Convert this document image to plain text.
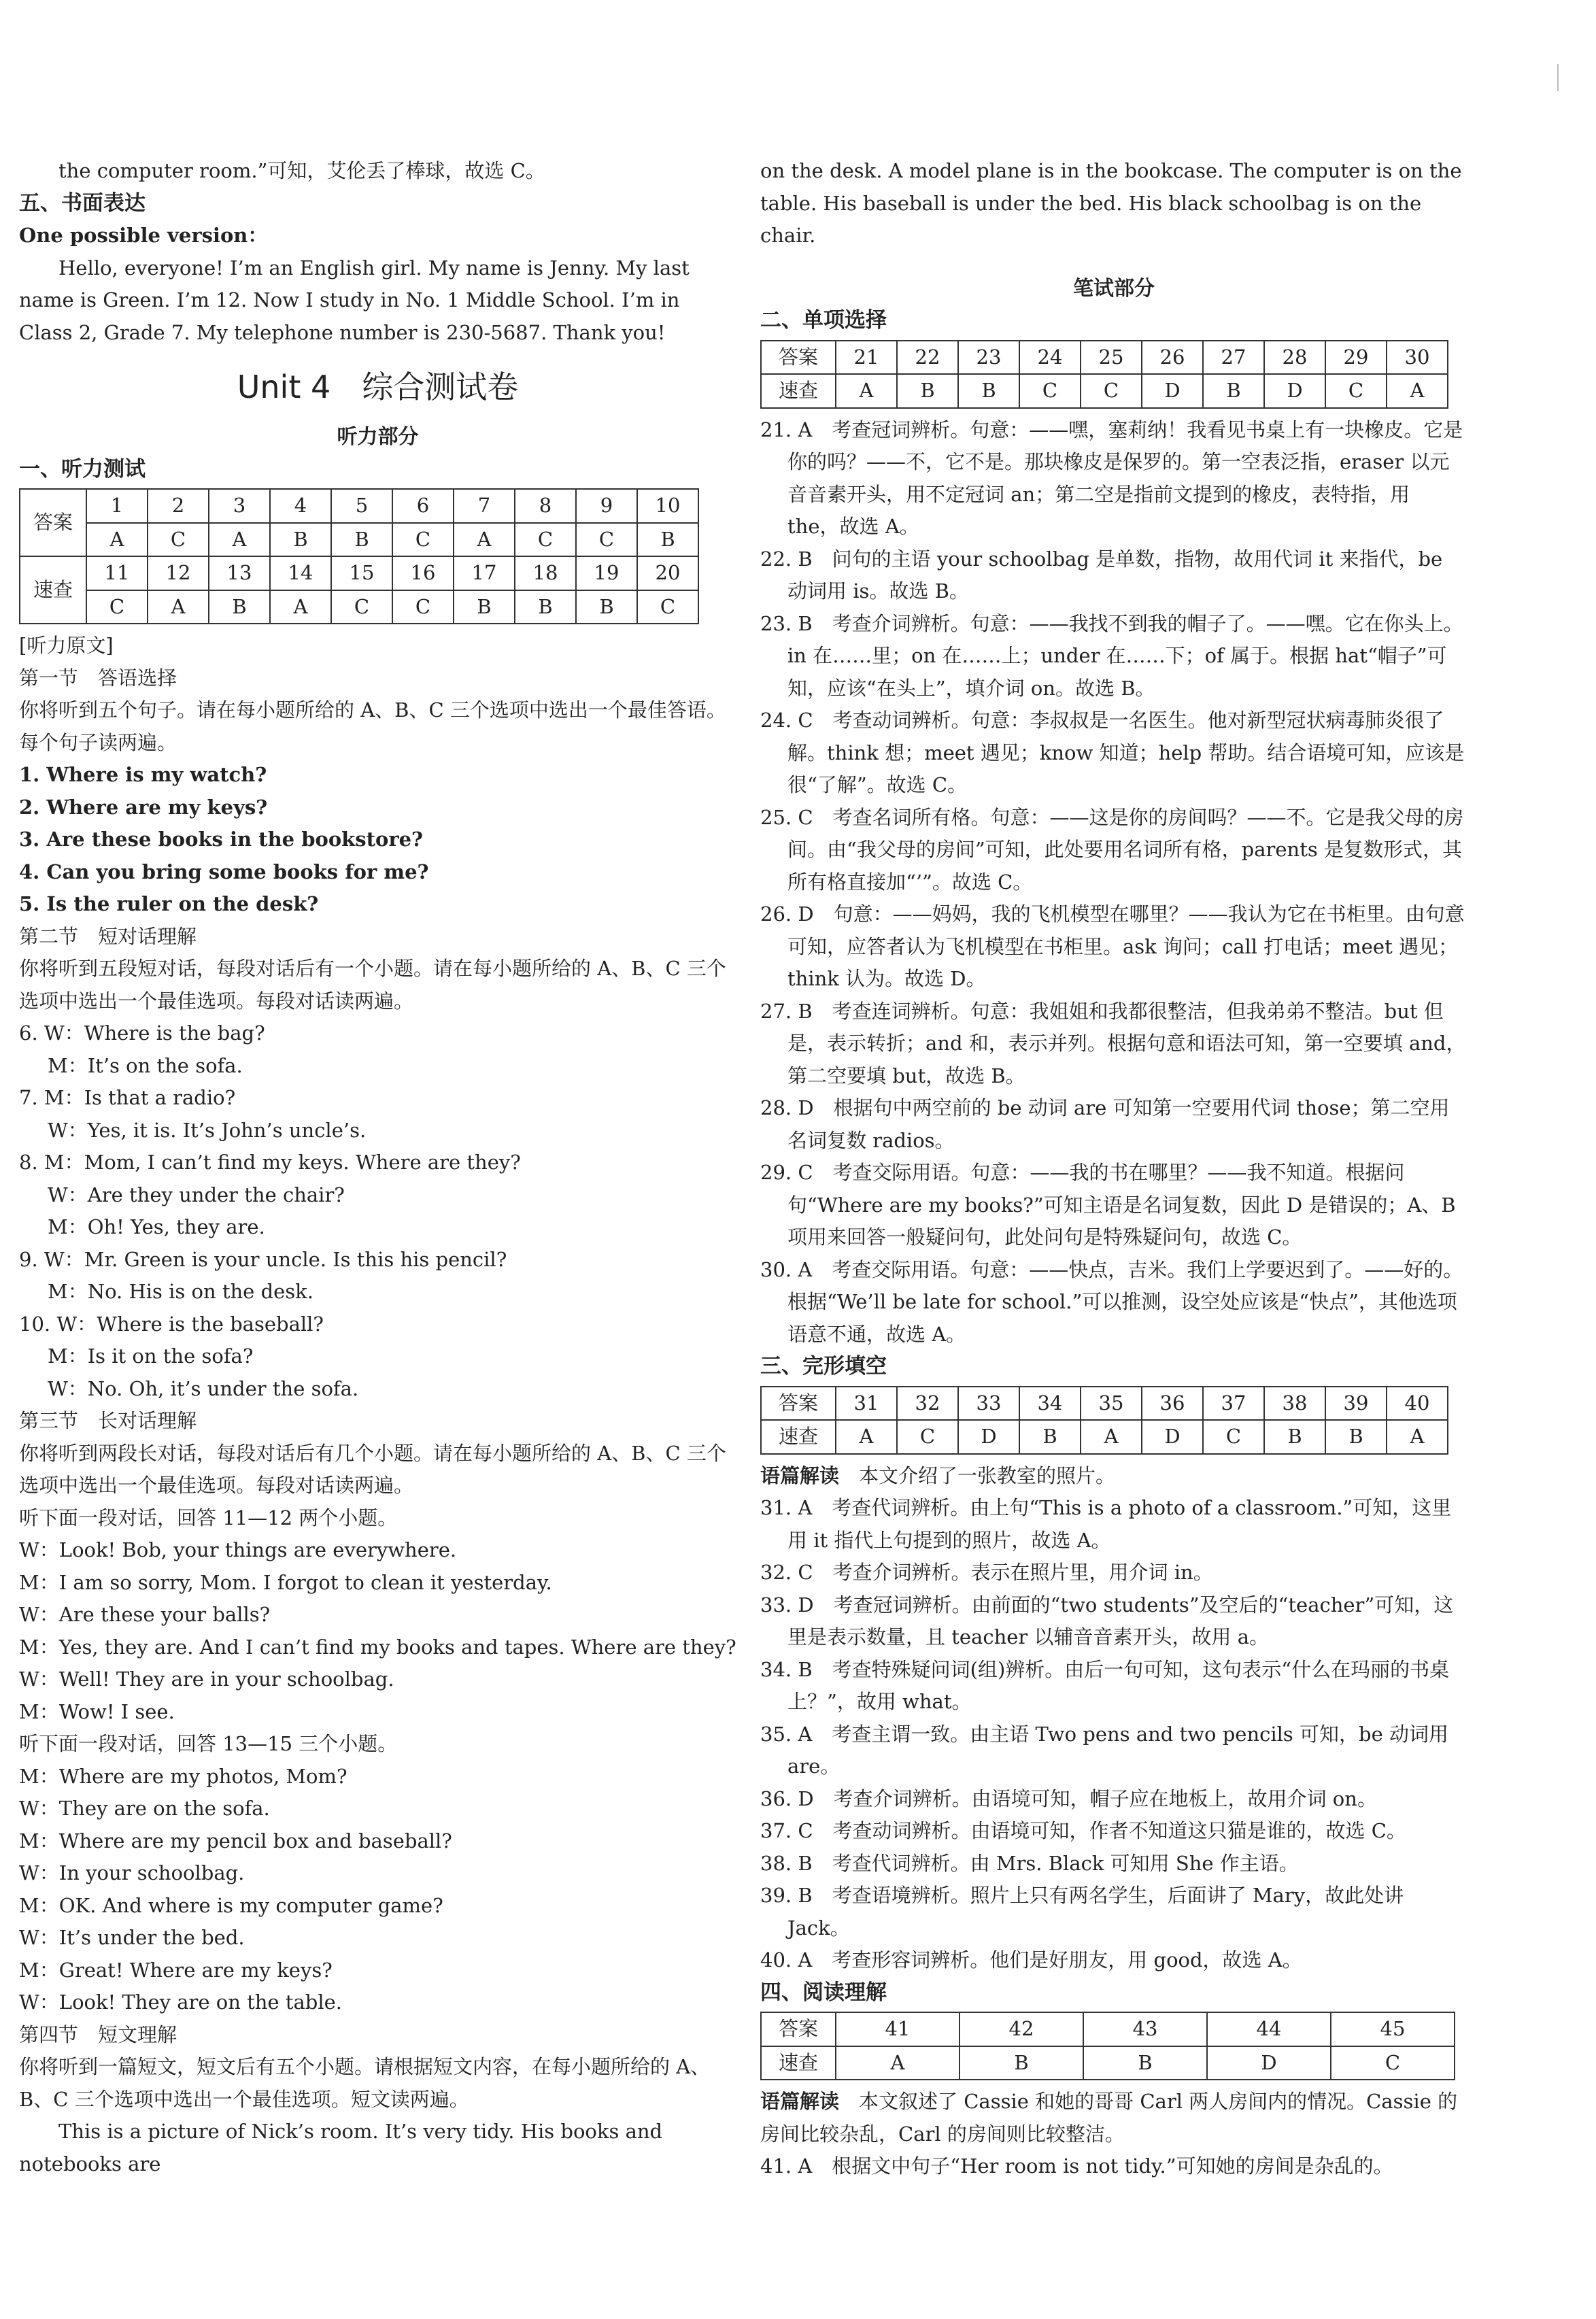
the computer room.”可知，艾伦丢了棒球，故选 C。

五、书面表达

One possible version：

Hello, everyone! I’m an English girl. My name is Jenny. My last name is Green. I’m 12. Now I study in No. 1 Middle School. I’m in Class 2, Grade 7. My telephone number is 230-5687. Thank you!

Unit 4　综合测试卷

听力部分

一、听力测试

答案	1	2	3	4	5	6	7	8	9	10
	A	C	A	B	B	C	A	C	C	B
速查	11	12	13	14	15	16	17	18	19	20
	C	A	B	A	C	C	B	B	B	C

[听力原文]

第一节　答语选择

你将听到五个句子。请在每小题所给的 A、B、C 三个选项中选出一个最佳答语。每个句子读两遍。

1. Where is my watch?

2. Where are my keys?

3. Are these books in the bookstore?

4. Can you bring some books for me?

5. Is the ruler on the desk?

第二节　短对话理解

你将听到五段短对话，每段对话后有一个小题。请在每小题所给的 A、B、C 三个选项中选出一个最佳选项。每段对话读两遍。

6. W：Where is the bag?

M：It’s on the sofa.

7. M：Is that a radio?

W：Yes, it is. It’s John’s uncle’s.

8. M：Mom, I can’t find my keys. Where are they?

W：Are they under the chair?

M：Oh! Yes, they are.

9. W：Mr. Green is your uncle. Is this his pencil?

M：No. His is on the desk.

10. W：Where is the baseball?

M：Is it on the sofa?

W：No. Oh, it’s under the sofa.

第三节　长对话理解

你将听到两段长对话，每段对话后有几个小题。请在每小题所给的 A、B、C 三个选项中选出一个最佳选项。每段对话读两遍。

听下面一段对话，回答 11—12 两个小题。

W：Look! Bob, your things are everywhere.

M：I am so sorry, Mom. I forgot to clean it yesterday.

W：Are these your balls?

M：Yes, they are. And I can’t find my books and tapes. Where are they?

W：Well! They are in your schoolbag.

M：Wow! I see.

听下面一段对话，回答 13—15 三个小题。

M：Where are my photos, Mom?

W：They are on the sofa.

M：Where are my pencil box and baseball?

W：In your schoolbag.

M：OK. And where is my computer game?

W：It’s under the bed.

M：Great! Where are my keys?

W：Look! They are on the table.

第四节　短文理解

你将听到一篇短文，短文后有五个小题。请根据短文内容，在每小题所给的 A、B、C 三个选项中选出一个最佳选项。短文读两遍。

This is a picture of Nick’s room. It’s very tidy. His books and notebooks are

on the desk. A model plane is in the bookcase. The computer is on the table. His baseball is under the bed. His black schoolbag is on the chair.

笔试部分

二、单项选择

答案	21	22	23	24	25	26	27	28	29	30
速查	A	B	B	C	C	D	B	D	C	A

21. A　考查冠词辨析。句意：——嘿，塞莉纳！我看见书桌上有一块橡皮。它是你的吗？——不，它不是。那块橡皮是保罗的。第一空表泛指，eraser 以元音音素开头，用不定冠词 an；第二空是指前文提到的橡皮，表特指，用 the，故选 A。

22. B　问句的主语 your schoolbag 是单数，指物，故用代词 it 来指代，be 动词用 is。故选 B。

23. B　考查介词辨析。句意：——我找不到我的帽子了。——嘿。它在你头上。in 在……里；on 在……上；under 在……下；of 属于。根据 hat“帽子”可知，应该“在头上”，填介词 on。故选 B。

24. C　考查动词辨析。句意：李叔叔是一名医生。他对新型冠状病毒肺炎很了解。think 想；meet 遇见；know 知道；help 帮助。结合语境可知，应该是很“了解”。故选 C。

25. C　考查名词所有格。句意：——这是你的房间吗？——不。它是我父母的房间。由“我父母的房间”可知，此处要用名词所有格，parents 是复数形式，其所有格直接加“’”。故选 C。

26. D　句意：——妈妈，我的飞机模型在哪里？——我认为它在书柜里。由句意可知，应答者认为飞机模型在书柜里。ask 询问；call 打电话；meet 遇见；think 认为。故选 D。

27. B　考查连词辨析。句意：我姐姐和我都很整洁，但我弟弟不整洁。but 但是，表示转折；and 和，表示并列。根据句意和语法可知，第一空要填 and，第二空要填 but，故选 B。

28. D　根据句中两空前的 be 动词 are 可知第一空要用代词 those；第二空用名词复数 radios。

29. C　考查交际用语。句意：——我的书在哪里？——我不知道。根据问句“Where are my books?”可知主语是名词复数，因此 D 是错误的；A、B 项用来回答一般疑问句，此处问句是特殊疑问句，故选 C。

30. A　考查交际用语。句意：——快点，吉米。我们上学要迟到了。——好的。根据“We’ll be late for school.”可以推测，设空处应该是“快点”，其他选项语意不通，故选 A。

三、完形填空

答案	31	32	33	34	35	36	37	38	39	40
速查	A	C	D	B	A	D	C	B	B	A

语篇解读　本文介绍了一张教室的照片。

31. A　考查代词辨析。由上句“This is a photo of a classroom.”可知，这里用 it 指代上句提到的照片，故选 A。

32. C　考查介词辨析。表示在照片里，用介词 in。

33. D　考查冠词辨析。由前面的“two students”及空后的“teacher”可知，这里是表示数量，且 teacher 以辅音音素开头，故用 a。

34. B　考查特殊疑问词(组)辨析。由后一句可知，这句表示“什么在玛丽的书桌上？”，故用 what。

35. A　考查主谓一致。由主语 Two pens and two pencils 可知，be 动词用 are。

36. D　考查介词辨析。由语境可知，帽子应在地板上，故用介词 on。

37. C　考查动词辨析。由语境可知，作者不知道这只猫是谁的，故选 C。

38. B　考查代词辨析。由 Mrs. Black 可知用 She 作主语。

39. B　考查语境辨析。照片上只有两名学生，后面讲了 Mary，故此处讲 Jack。

40. A　考查形容词辨析。他们是好朋友，用 good，故选 A。

四、阅读理解

答案	41	42	43	44	45
速查	A	B	B	D	C

语篇解读　本文叙述了 Cassie 和她的哥哥 Carl 两人房间内的情况。Cassie 的房间比较杂乱，Carl 的房间则比较整洁。

41. A　根据文中句子“Her room is not tidy.”可知她的房间是杂乱的。
